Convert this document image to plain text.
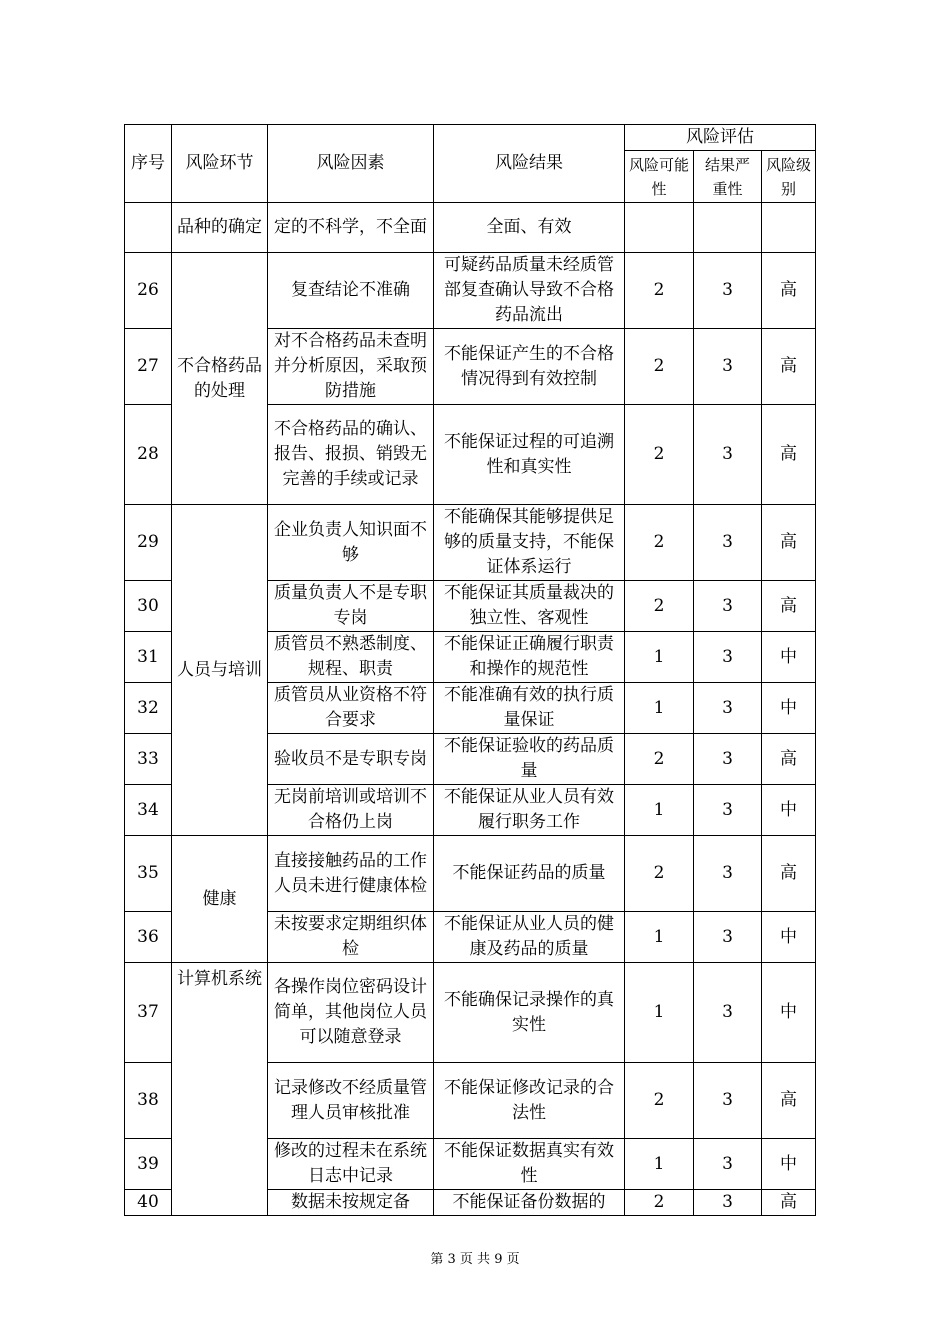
序号	风险环节	风险因素	风险结果	风险评估		
				风险可能性	结果严重性	风险级别
	品种的确定	定的不科学，不全面	全面、有效			
26	不合格药品的处理	复查结论不准确	可疑药品质量未经质管部复查确认导致不合格药品流出	2	3	高
27		对不合格药品未查明并分析原因，采取预防措施	不能保证产生的不合格情况得到有效控制	2	3	高
28		不合格药品的确认、报告、报损、销毁无完善的手续或记录	不能保证过程的可追溯性和真实性	2	3	高
29	人员与培训	企业负责人知识面不够	不能确保其能够提供足够的质量支持，不能保证体系运行	2	3	高
30		质量负责人不是专职专岗	不能保证其质量裁决的独立性、客观性	2	3	高
31		质管员不熟悉制度、规程、职责	不能保证正确履行职责和操作的规范性	1	3	中
32		质管员从业资格不符合要求	不能准确有效的执行质量保证	1	3	中
33		验收员不是专职专岗	不能保证验收的药品质量	2	3	高
34		无岗前培训或培训不合格仍上岗	不能保证从业人员有效履行职务工作	1	3	中
35	健康	直接接触药品的工作人员未进行健康体检	不能保证药品的质量	2	3	高
36		未按要求定期组织体检	不能保证从业人员的健康及药品的质量	1	3	中
37	计算机系统	各操作岗位密码设计简单，其他岗位人员可以随意登录	不能确保记录操作的真实性	1	3	中
38		记录修改不经质量管理人员审核批准	不能保证修改记录的合法性	2	3	高
39		修改的过程未在系统日志中记录	不能保证数据真实有效性	1	3	中
40		数据未按规定备	不能保证备份数据的	2	3	高
第 3 页 共 9 页
